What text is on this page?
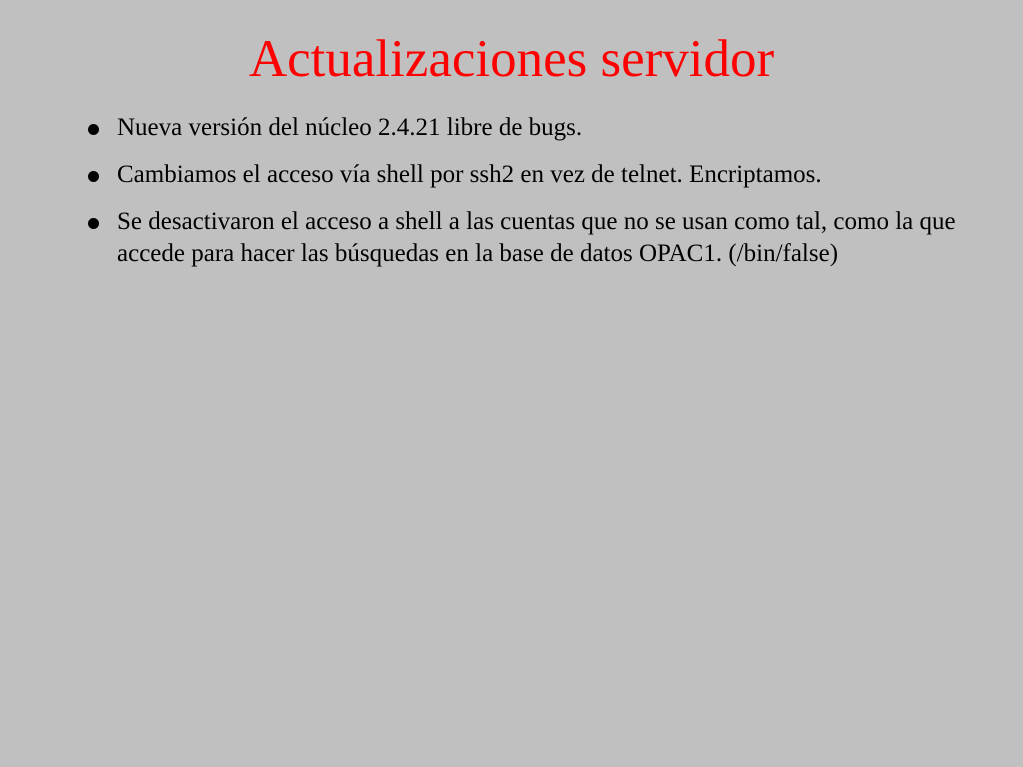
Actualizaciones servidor
Nueva versión del núcleo 2.4.21 libre de bugs.
Cambiamos el acceso vía shell por ssh2 en vez de telnet. Encriptamos.
Se desactivaron el acceso a shell a las cuentas que no se usan como tal, como la que accede para hacer las búsquedas en la base de datos OPAC1. (/bin/false)
